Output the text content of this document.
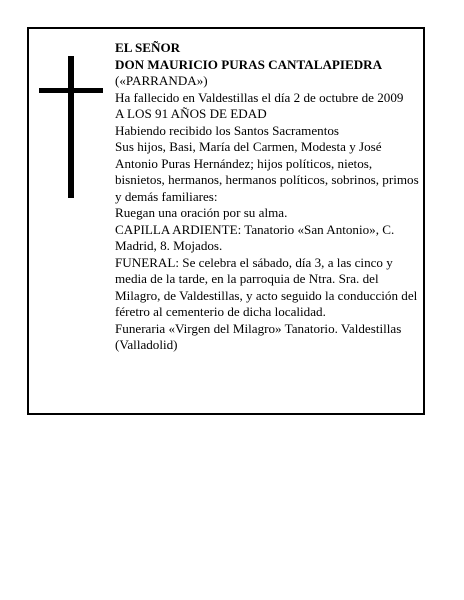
EL SEÑOR
DON MAURICIO PURAS CANTALAPIEDRA
(«PARRANDA»)
Ha fallecido en Valdestillas el día 2 de octubre de 2009
A LOS 91 AÑOS DE EDAD
Habiendo recibido los Santos Sacramentos
Sus hijos, Basi, María del Carmen, Modesta y José Antonio Puras Hernández; hijos políticos, nietos, bisnietos, hermanos, hermanos políticos, sobrinos, primos y demás familiares:
Ruegan una oración por su alma.
CAPILLA ARDIENTE: Tanatorio «San Antonio», C. Madrid, 8. Mojados.
FUNERAL: Se celebra el sábado, día 3, a las cinco y media de la tarde, en la parroquia de Ntra. Sra. del Milagro, de Valdestillas, y acto seguido la conducción del féretro al cementerio de dicha localidad.
Funeraria «Virgen del Milagro» Tanatorio. Valdestillas (Valladolid)
